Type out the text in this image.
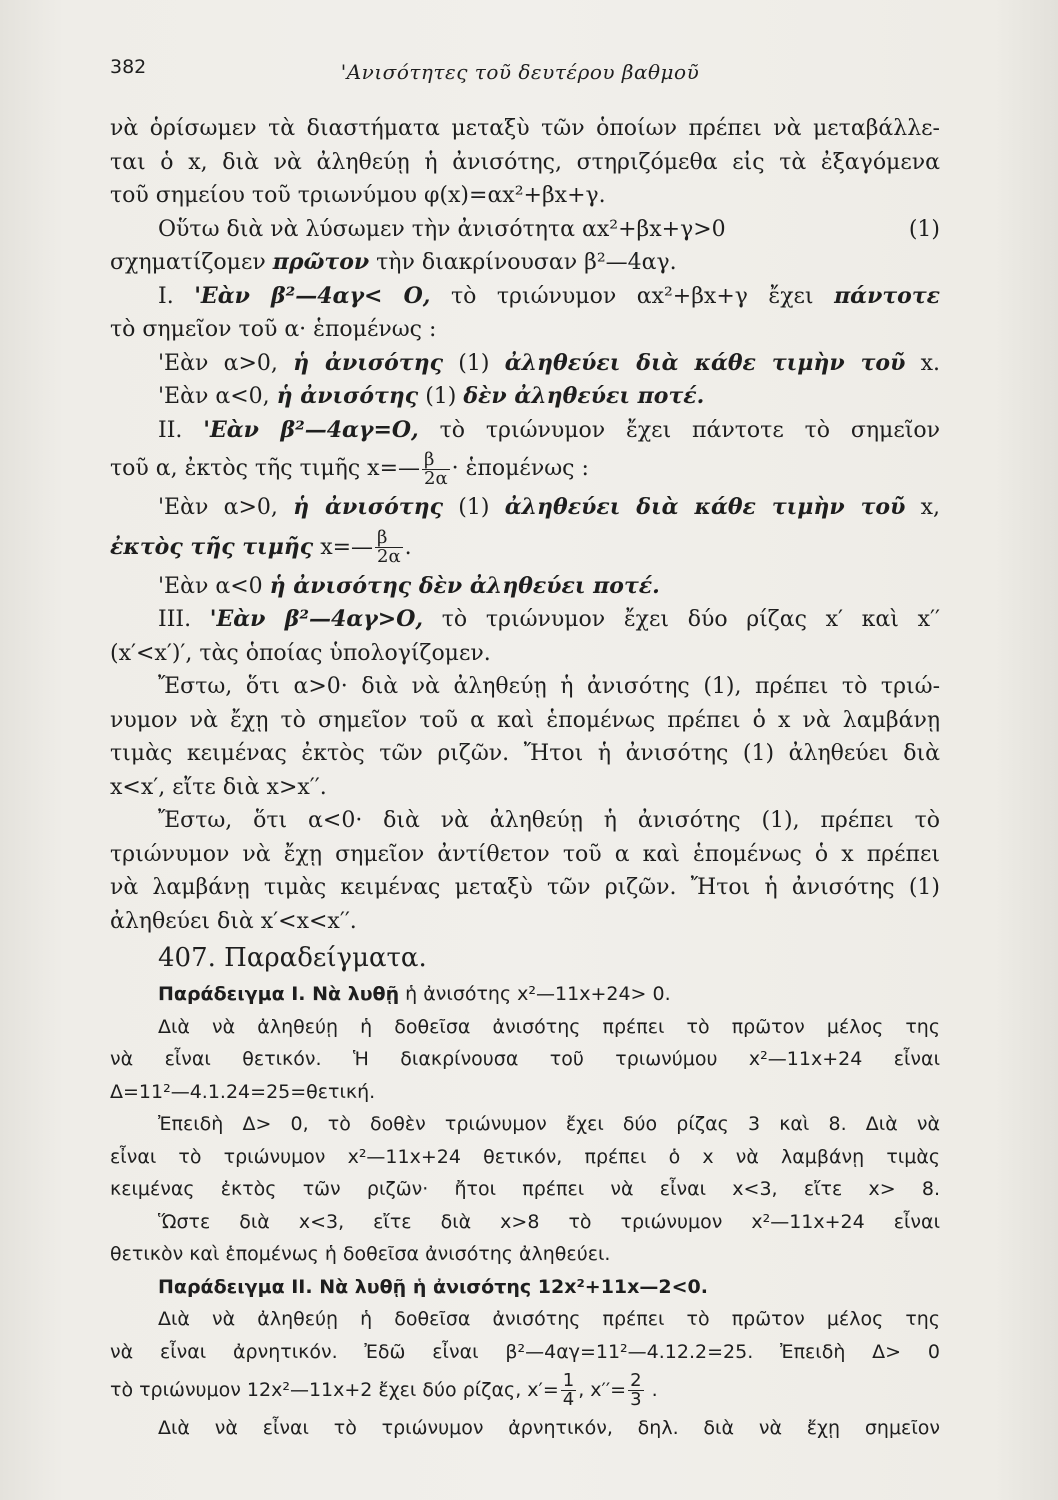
382	'Ανισότητες τοῦ δευτέρου βαθμοῦ

νὰ ὁρίσωμεν τὰ διαστήματα μεταξὺ τῶν ὁποίων πρέπει νὰ μεταβάλλε-

ται ὁ x, διὰ νὰ ἀληθεύῃ ἡ ἀνισότης, στηριζόμεθα εἰς τὰ ἐξαγόμενα

τοῦ σημείου τοῦ τριωνύμου φ(x)=αx²+βx+γ.

Οὕτω διὰ νὰ λύσωμεν τὴν ἀνισότητα αx²+βx+γ>0	(1)

σχηματίζομεν πρῶτον τὴν διακρίνουσαν β²—4αγ.

I. 'Εὰν β²—4αγ< Ο, τὸ τριώνυμον αx²+βx+γ ἔχει πάντοτε

τὸ σημεῖον τοῦ α· ἑπομένως :

'Εὰν α>0, ἡ ἀνισότης (1) ἀληθεύει διὰ κάθε τιμὴν τοῦ x.

'Εὰν α<0, ἡ ἀνισότης (1) δὲν ἀληθεύει ποτέ.

II. 'Εὰν β²—4αγ=Ο, τὸ τριώνυμον ἔχει πάντοτε τὸ σημεῖον

τοῦ α, ἐκτὸς τῆς τιμῆς x=— $\frac{\beta}{2\alpha}$ · ἑπομένως :

'Εὰν α>0, ἡ ἀνισότης (1) ἀληθεύει διὰ κάθε τιμὴν τοῦ x,

ἐκτὸς τῆς τιμῆς x=— $\frac{\beta}{2\alpha}$ .

'Εὰν α<0 ἡ ἀνισότης δὲν ἀληθεύει ποτέ.

III. 'Εὰν β²—4αγ>Ο, τὸ τριώνυμον ἔχει δύο ρίζας x′ καὶ x′′

(x′<x′)′, τὰς ὁποίας ὑπολογίζομεν.

Ἔστω, ὅτι α>0· διὰ νὰ ἀληθεύῃ ἡ ἀνισότης (1), πρέπει τὸ τριώ-

νυμον νὰ ἔχῃ τὸ σημεῖον τοῦ α καὶ ἑπομένως πρέπει ὁ x νὰ λαμβάνῃ

τιμὰς κειμένας ἐκτὸς τῶν ριζῶν. Ἤτοι ἡ ἀνισότης (1) ἀληθεύει διὰ

x<x′, εἴτε διὰ x>x′′.

Ἔστω, ὅτι α<0· διὰ νὰ ἀληθεύῃ ἡ ἀνισότης (1), πρέπει τὸ

τριώνυμον νὰ ἔχῃ σημεῖον ἀντίθετον τοῦ α καὶ ἑπομένως ὁ x πρέπει

νὰ λαμβάνῃ τιμὰς κειμένας μεταξὺ τῶν ριζῶν. Ἤτοι ἡ ἀνισότης (1)

ἀληθεύει διὰ x′<x<x′′.

407. Παραδείγματα.

Παράδειγμα I. Νὰ λυθῇ ἡ ἀνισότης x²—11x+24> 0.

Διὰ νὰ ἀληθεύῃ ἡ δοθεῖσα ἀνισότης πρέπει τὸ πρῶτον μέλος της

νὰ εἶναι θετικόν. Ἡ διακρίνουσα τοῦ τριωνύμου x²—11x+24 εἶναι

Δ=11²—4.1.24=25=θετική.

Ἐπειδὴ Δ> 0, τὸ δοθὲν τριώνυμον ἔχει δύο ρίζας 3 καὶ 8. Διὰ νὰ

εἶναι τὸ τριώνυμον x²—11x+24 θετικόν, πρέπει ὁ x νὰ λαμβάνῃ τιμὰς

κειμένας ἐκτὸς τῶν ριζῶν· ἤτοι πρέπει νὰ εἶναι x<3, εἴτε x> 8.

Ὥστε διὰ x<3, εἴτε διὰ x>8 τὸ τριώνυμον x²—11x+24 εἶναι

θετικὸν καὶ ἑπομένως ἡ δοθεῖσα ἀνισότης ἀληθεύει.

Παράδειγμα II. Νὰ λυθῇ ἡ ἀνισότης 12x²+11x—2<0.

Διὰ νὰ ἀληθεύῃ ἡ δοθεῖσα ἀνισότης πρέπει τὸ πρῶτον μέλος της

νὰ εἶναι ἀρνητικόν. Ἐδῶ εἶναι β²—4αγ=11²—4.12.2=25. Ἐπειδὴ Δ> 0

τὸ τριώνυμον 12x²—11x+2 ἔχει δύο ρίζας, $x'= \frac{1}{4}$ , $x''= \frac{2}{3}$ .

Διὰ νὰ εἶναι τὸ τριώνυμον ἀρνητικόν, δηλ. διὰ νὰ ἔχῃ σημεῖον
